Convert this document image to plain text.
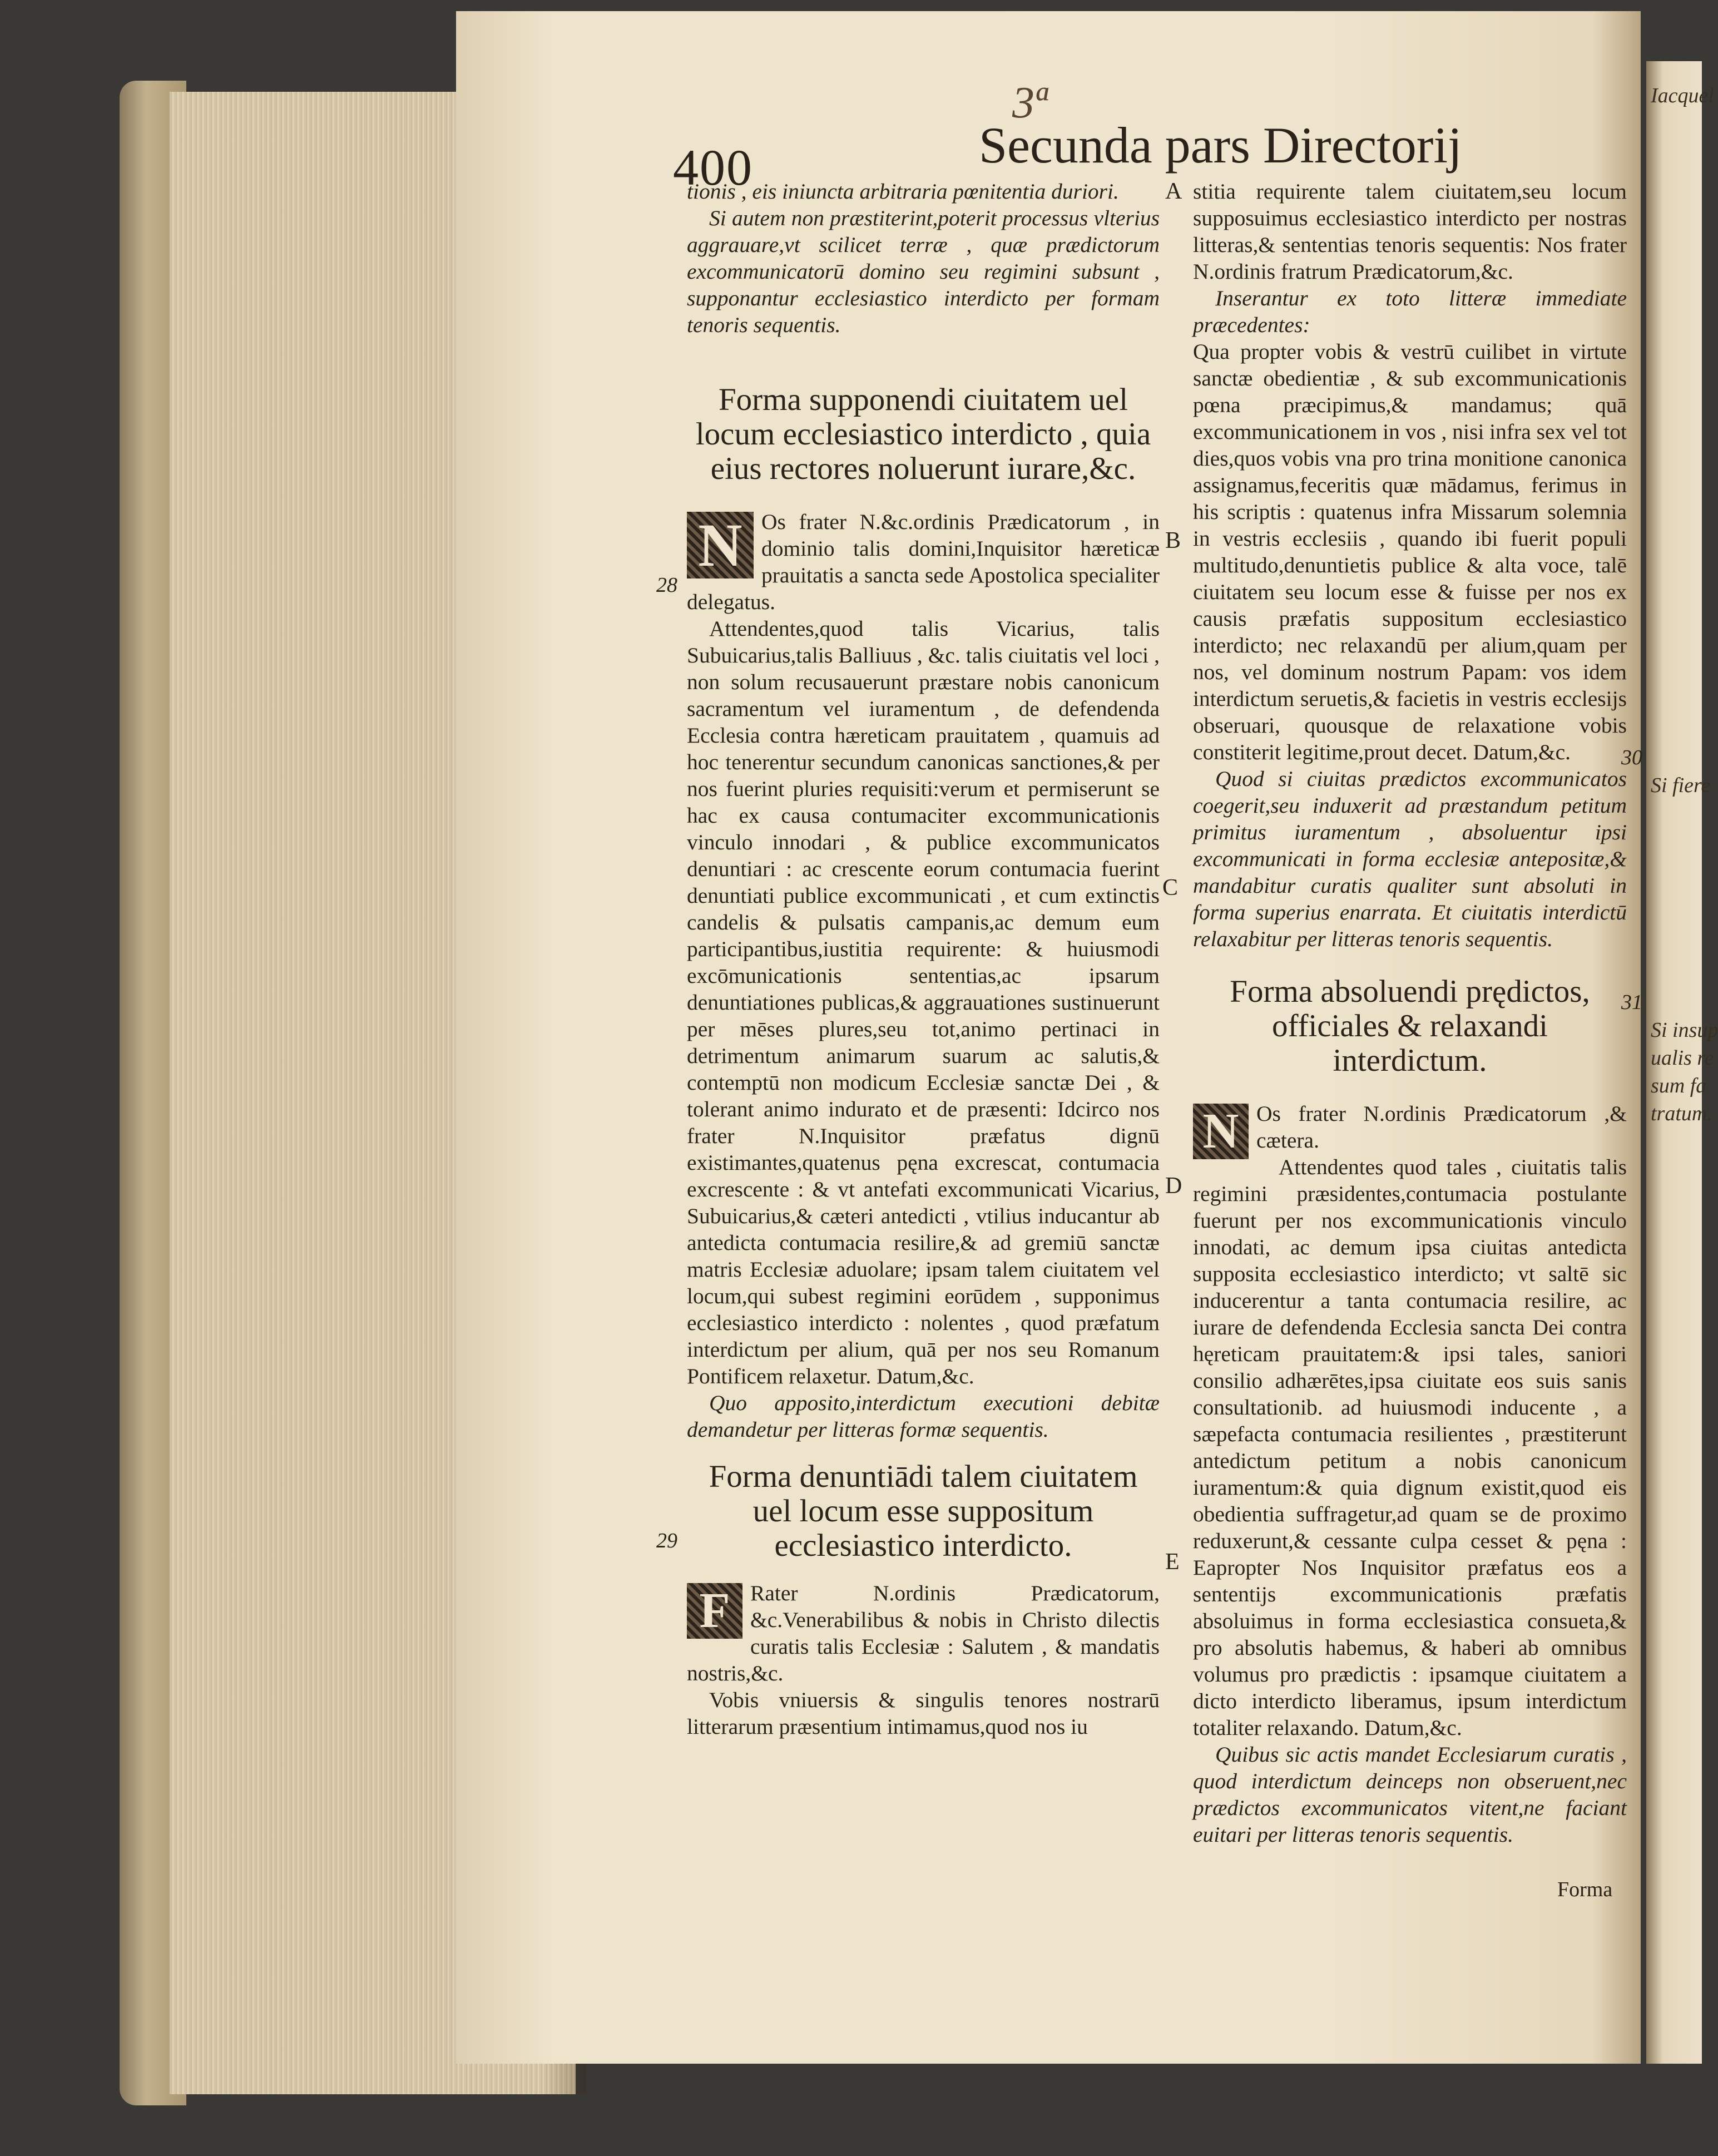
Iacquel
Si fiere
Si insup
ualis re
sum fa
tratum.
3ª
400	Secunda pars Directorij

tionis , eis iniuncta arbitraria pœnitentia duriori.

Si autem non præstiterint,poterit processus vlterius aggrauare,vt scilicet terræ , quæ prædictorum excommunicatorū domino seu regimini subsunt , supponantur ecclesiastico interdicto per formam tenoris sequentis.

Forma supponendi ciuitatem uel locum ecclesiastico interdicto , quia eius rectores noluerunt iurare,&c.

N Os frater N.&c.ordinis Prædicatorum , in dominio talis domini,Inquisitor hæreticæ prauitatis a sancta sede Apostolica specialiter delegatus.

Attendentes,quod talis Vicarius, talis Subuicarius,talis Balliuus , &c. talis ciuitatis vel loci , non solum recusauerunt præstare nobis canonicum sacramentum vel iuramentum , de defendenda Ecclesia contra hæreticam prauitatem , quamuis ad hoc tenerentur secundum canonicas sanctiones,& per nos fuerint pluries requisiti:verum et permiserunt se hac ex causa contumaciter excommunicationis vinculo innodari , & publice excommunicatos denuntiari : ac crescente eorum contumacia fuerint denuntiati publice excommunicati , et cum extinctis candelis & pulsatis campanis,ac demum eum participantibus,iustitia requirente: & huiusmodi excōmunicationis sententias,ac ipsarum denuntiationes publicas,& aggrauationes sustinuerunt per mēses plures,seu tot,animo pertinaci in detrimentum animarum suarum ac salutis,& contemptū non modicum Ecclesiæ sanctæ Dei , & tolerant animo indurato et de præsenti: Idcirco nos frater N.Inquisitor præfatus dignū existimantes,quatenus pęna excrescat, contumacia excrescente : & vt antefati excommunicati Vicarius, Subuicarius,& cæteri antedicti , vtilius inducantur ab antedicta contumacia resilire,& ad gremiū sanctæ matris Ecclesiæ aduolare; ipsam talem ciuitatem vel locum,qui subest regimini eorūdem , supponimus ecclesiastico interdicto : nolentes , quod præfatum interdictum per alium, quā per nos seu Romanum Pontificem relaxetur. Datum,&c.

Quo apposito,interdictum executioni debitæ demandetur per litteras formæ sequentis.

Forma denuntiādi talem ciuitatem uel locum esse suppositum ecclesiastico interdicto.

F Rater N.ordinis Prædicatorum, &c.Venerabilibus & nobis in Christo dilectis curatis talis Ecclesiæ : Salutem , & mandatis nostris,&c.

Vobis vniuersis & singulis tenores nostrarū litterarum præsentium intimamus,quod nos iu

stitia requirente talem ciuitatem,seu locum supposuimus ecclesiastico interdicto per nostras litteras,& sententias tenoris sequentis: Nos frater N.ordinis fratrum Prædicatorum,&c.

Inserantur ex toto litteræ immediate præcedentes:

Qua propter vobis & vestrū cuilibet in virtute sanctæ obedientiæ , & sub excommunicationis pœna præcipimus,& mandamus; quā excommunicationem in vos , nisi infra sex vel tot dies,quos vobis vna pro trina monitione canonica assignamus,feceritis quæ mādamus, ferimus in his scriptis : quatenus infra Missarum solemnia in vestris ecclesiis , quando ibi fuerit populi multitudo,denuntietis publice & alta voce, talē ciuitatem seu locum esse & fuisse per nos ex causis præfatis suppositum ecclesiastico interdicto; nec relaxandū per alium,quam per nos, vel dominum nostrum Papam: vos idem interdictum seruetis,& facietis in vestris ecclesijs obseruari, quousque de relaxatione vobis constiterit legitime,prout decet. Datum,&c.

Quod si ciuitas prædictos excommunicatos coegerit,seu induxerit ad præstandum petitum primitus iuramentum , absoluentur ipsi excommunicati in forma ecclesiæ antepositæ,& mandabitur curatis qualiter sunt absoluti in forma superius enarrata. Et ciuitatis interdictū relaxabitur per litteras tenoris sequentis.

Forma absoluendi prędictos, officiales & relaxandi interdictum.

N Os frater N.ordinis Prædicatorum ,& cætera.

Attendentes quod tales , ciuitatis talis regimini præsidentes,contumacia postulante fuerunt per nos excommunicationis vinculo innodati, ac demum ipsa ciuitas antedicta supposita ecclesiastico interdicto; vt saltē sic inducerentur a tanta contumacia resilire, ac iurare de defendenda Ecclesia sancta Dei contra hęreticam prauitatem:& ipsi tales, saniori consilio adhærētes,ipsa ciuitate eos suis sanis consultationib. ad huiusmodi inducente , a sæpefacta contumacia resilientes , præstiterunt antedictum petitum a nobis canonicum iuramentum:& quia dignum existit,quod eis obedientia suffragetur,ad quam se de proximo reduxerunt,& cessante culpa cesset & pęna : Eapropter Nos Inquisitor præfatus eos a sententijs excommunicationis præfatis absoluimus in forma ecclesiastica consueta,& pro absolutis habemus, & haberi ab omnibus volumus pro prædictis : ipsamque ciuitatem a dicto interdicto liberamus, ipsum interdictum totaliter relaxando. Datum,&c.

Quibus sic actis mandet Ecclesiarum curatis , quod interdictum deinceps non obseruent,nec prædictos excommunicatos vitent,ne faciant euitari per litteras tenoris sequentis.

A
B
C
D
E
28
29
30
31
Forma
